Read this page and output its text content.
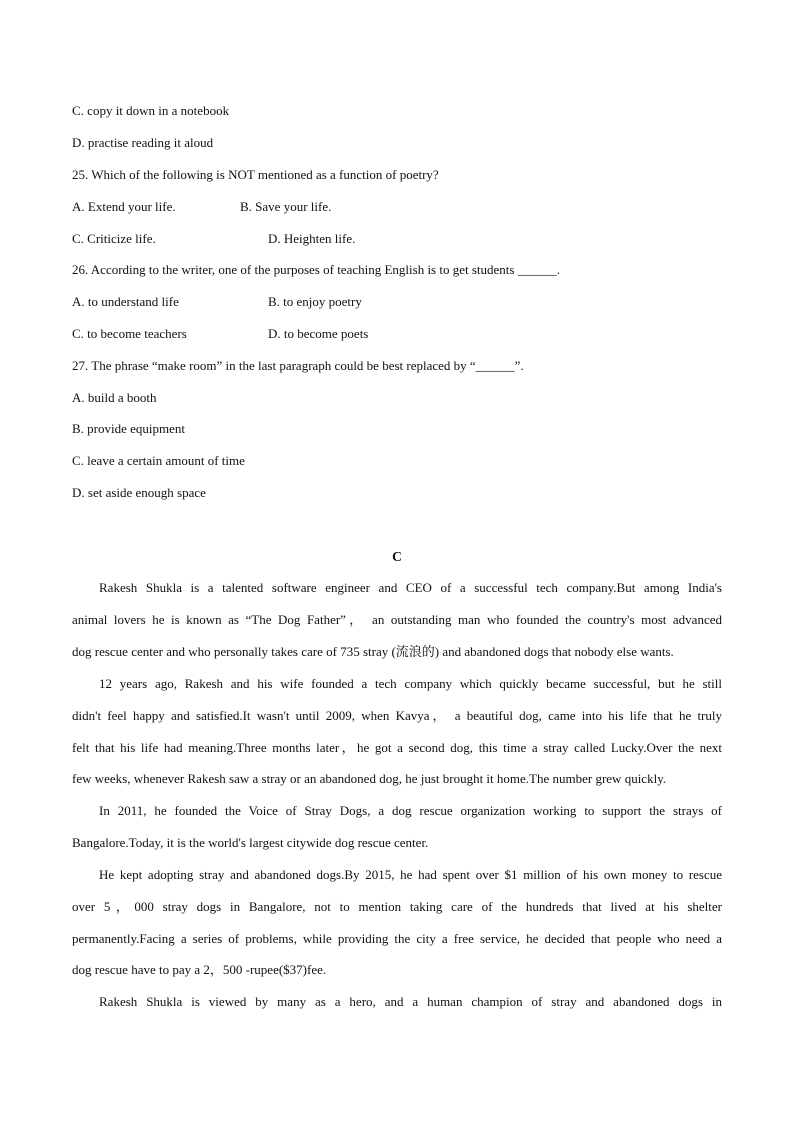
C. copy it down in a notebook
D. practise reading it aloud
25. Which of the following is NOT mentioned as a function of poetry?
A. Extend your life.	B. Save your life.
C. Criticize life.	D. Heighten life.
26. According to the writer, one of the purposes of teaching English is to get students ______.
A. to understand life	B. to enjoy poetry
C. to become teachers	D. to become poets
27. The phrase “make room” in the last paragraph could be best replaced by “______”.
A. build a booth
B. provide equipment
C. leave a certain amount of time
D. set aside enough space
C
Rakesh Shukla is a talented software engineer and CEO of a successful tech company.But among India's
animal lovers he is known as “The Dog Father”， an outstanding man who founded the country's most advanced
dog rescue center and who personally takes care of 735 stray (流浪的) and abandoned dogs that nobody else wants.
12 years ago, Rakesh and his wife founded a tech company which quickly became successful, but he still
didn't feel happy and satisfied.It wasn't until 2009, when Kavya， a beautiful dog, came into his life that he truly
felt that his life had meaning.Three months later，he got a second dog, this time a stray called Lucky.Over the next
few weeks, whenever Rakesh saw a stray or an abandoned dog, he just brought it home.The number grew quickly.
In 2011, he founded the Voice of Stray Dogs, a dog rescue organization working to support the strays of
Bangalore.Today, it is the world's largest citywide dog rescue center.
He kept adopting stray and abandoned dogs.By 2015, he had spent over $1 million of his own money to rescue
over 5，000 stray dogs in Bangalore, not to mention taking care of the hundreds that lived at his shelter
permanently.Facing a series of problems, while providing the city a free service, he decided that people who need a
dog rescue have to pay a 2，500 -rupee($37)fee.
Rakesh Shukla is viewed by many as a hero, and a human champion of stray and abandoned dogs in
